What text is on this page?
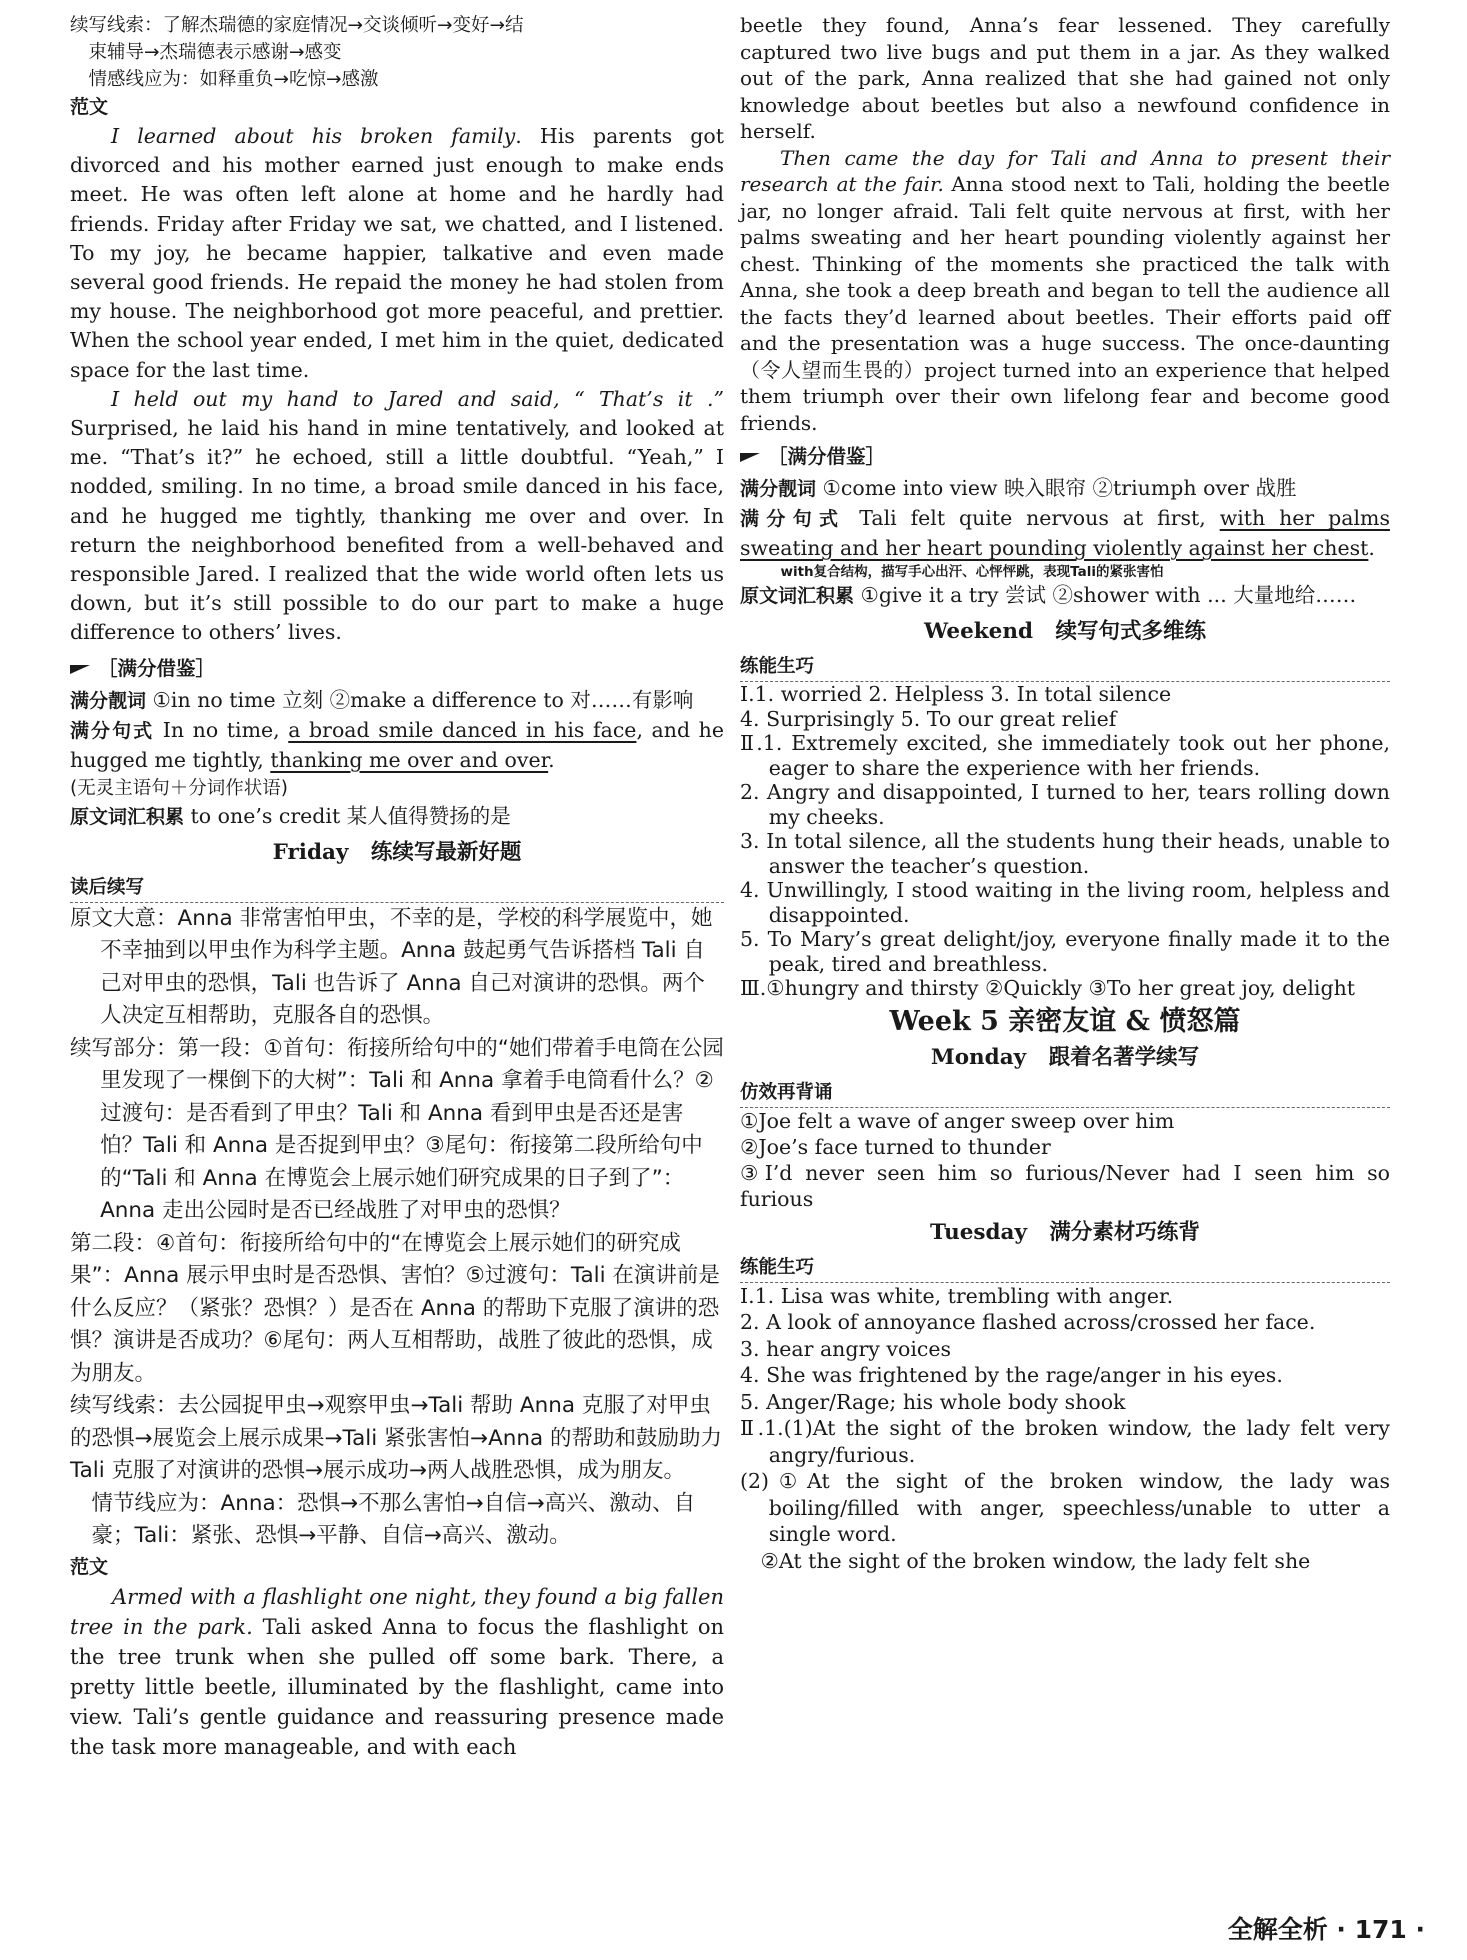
续写线索：了解杰瑞德的家庭情况→交谈倾听→变好→结

束辅导→杰瑞德表示感谢→感变

情感线应为：如释重负→吃惊→感激

范文

I learned about his broken family. His parents got divorced and his mother earned just enough to make ends meet. He was often left alone at home and he hardly had friends. Friday after Friday we sat, we chatted, and I listened. To my joy, he became happier, talkative and even made several good friends. He repaid the money he had stolen from my house. The neighborhood got more peaceful, and prettier. When the school year ended, I met him in the quiet, dedicated space for the last time.

I held out my hand to Jared and said, “ That’s it .” Surprised, he laid his hand in mine tentatively, and looked at me. “That’s it?” he echoed, still a little doubtful. “Yeah,” I nodded, smiling. In no time, a broad smile danced in his face, and he hugged me tightly, thanking me over and over. In return the neighborhood benefited from a well-behaved and responsible Jared. I realized that the wide world often lets us down, but it’s still possible to do our part to make a huge difference to others’ lives.

［满分借鉴］

满分靓词 ①in no time 立刻 ②make a difference to 对……有影响

满分句式 In no time, a broad smile danced in his face, and he hugged me tightly, thanking me over and over.

(无灵主语句＋分词作状语)

原文词汇积累 to one’s credit 某人值得赞扬的是

Friday 练续写最新好题

读后续写

原文大意：Anna 非常害怕甲虫，不幸的是，学校的科学展览中，她不幸抽到以甲虫作为科学主题。Anna 鼓起勇气告诉搭档 Tali 自己对甲虫的恐惧，Tali 也告诉了 Anna 自己对演讲的恐惧。两个人决定互相帮助，克服各自的恐惧。

续写部分：第一段：①首句：衔接所给句中的“她们带着手电筒在公园里发现了一棵倒下的大树”：Tali 和 Anna 拿着手电筒看什么？②过渡句：是否看到了甲虫？Tali 和 Anna 看到甲虫是否还是害怕？Tali 和 Anna 是否捉到甲虫？③尾句：衔接第二段所给句中的“Tali 和 Anna 在博览会上展示她们研究成果的日子到了”：Anna 走出公园时是否已经战胜了对甲虫的恐惧？

第二段：④首句：衔接所给句中的“在博览会上展示她们的研究成果”：Anna 展示甲虫时是否恐惧、害怕？⑤过渡句：Tali 在演讲前是什么反应？（紧张？恐惧？）是否在 Anna 的帮助下克服了演讲的恐惧？演讲是否成功？⑥尾句：两人互相帮助，战胜了彼此的恐惧，成为朋友。

续写线索：去公园捉甲虫→观察甲虫→Tali 帮助 Anna 克服了对甲虫的恐惧→展览会上展示成果→Tali 紧张害怕→Anna 的帮助和鼓励助力 Tali 克服了对演讲的恐惧→展示成功→两人战胜恐惧，成为朋友。

情节线应为：Anna：恐惧→不那么害怕→自信→高兴、激动、自豪；Tali：紧张、恐惧→平静、自信→高兴、激动。

范文

Armed with a flashlight one night, they found a big fallen tree in the park. Tali asked Anna to focus the flashlight on the tree trunk when she pulled off some bark. There, a pretty little beetle, illuminated by the flashlight, came into view. Tali’s gentle guidance and reassuring presence made the task more manageable, and with each

beetle they found, Anna’s fear lessened. They carefully captured two live bugs and put them in a jar. As they walked out of the park, Anna realized that she had gained not only knowledge about beetles but also a newfound confidence in herself.

Then came the day for Tali and Anna to present their research at the fair. Anna stood next to Tali, holding the beetle jar, no longer afraid. Tali felt quite nervous at first, with her palms sweating and her heart pounding violently against her chest. Thinking of the moments she practiced the talk with Anna, she took a deep breath and began to tell the audience all the facts they’d learned about beetles. Their efforts paid off and the presentation was a huge success. The once-daunting（令人望而生畏的）project turned into an experience that helped them triumph over their own lifelong fear and become good friends.

［满分借鉴］

满分靓词 ①come into view 映入眼帘 ②triumph over 战胜

满分句式 Tali felt quite nervous at first, with her palms sweating and her heart pounding violently against her chest.

with复合结构，描写手心出汗、心怦怦跳，表现Tali的紧张害怕

原文词汇积累 ①give it a try 尝试 ②shower with ... 大量地给……

Weekend 续写句式多维练

练能生巧

Ⅰ.1. worried 2. Helpless 3. In total silence

4. Surprisingly 5. To our great relief

Ⅱ.1. Extremely excited, she immediately took out her phone, eager to share the experience with her friends.

2. Angry and disappointed, I turned to her, tears rolling down my cheeks.

3. In total silence, all the students hung their heads, unable to answer the teacher’s question.

4. Unwillingly, I stood waiting in the living room, helpless and disappointed.

5. To Mary’s great delight/joy, everyone finally made it to the peak, tired and breathless.

Ⅲ.①hungry and thirsty ②Quickly ③To her great joy, delight

Week 5 亲密友谊 & 愤怒篇

Monday 跟着名著学续写

仿效再背诵

①Joe felt a wave of anger sweep over him

②Joe’s face turned to thunder

③I’d never seen him so furious/Never had I seen him so furious

Tuesday 满分素材巧练背

练能生巧

Ⅰ.1. Lisa was white, trembling with anger.

2. A look of annoyance flashed across/crossed her face.

3. hear angry voices

4. She was frightened by the rage/anger in his eyes.

5. Anger/Rage; his whole body shook

Ⅱ.1.(1)At the sight of the broken window, the lady felt very angry/furious.

(2)①At the sight of the broken window, the lady was boiling/filled with anger, speechless/unable to utter a single word.

②At the sight of the broken window, the lady felt she

全解全析 · 171 ·
